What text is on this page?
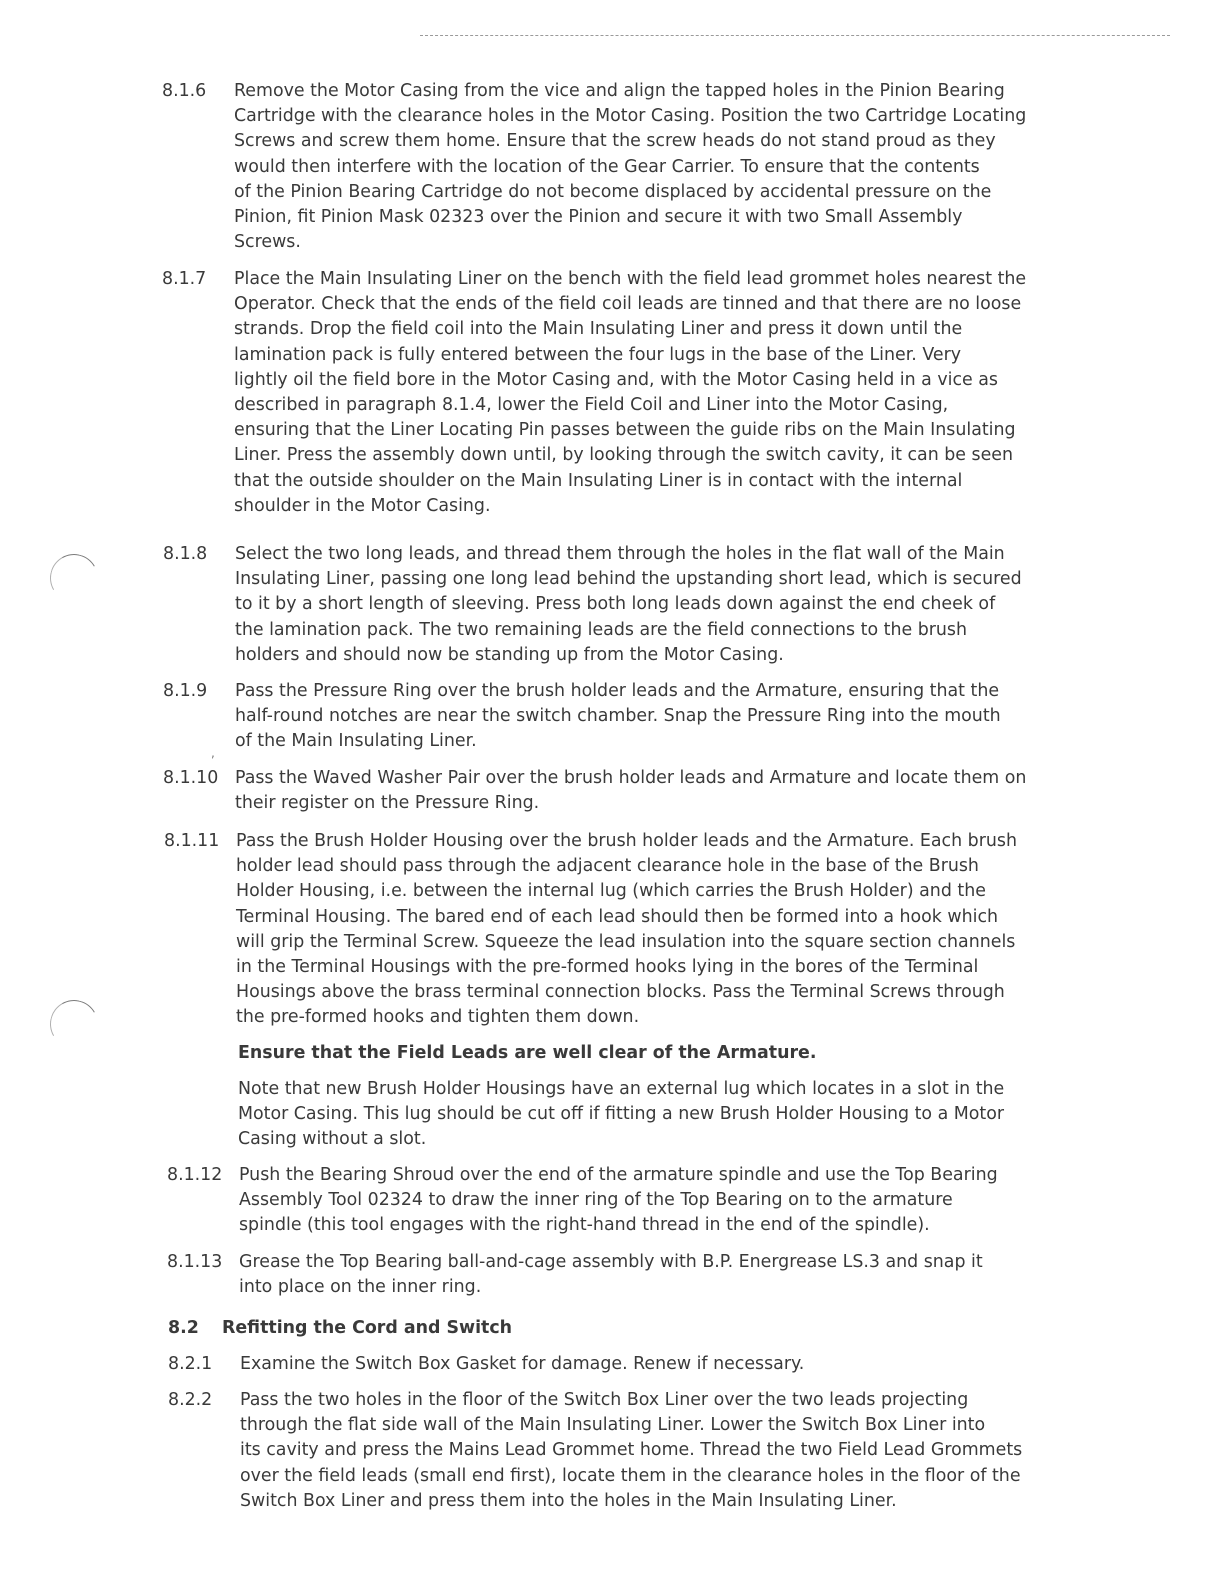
,
8.1.6	Remove the Motor Casing from the vice and align the tapped holes in the Pinion Bearing
Cartridge with the clearance holes in the Motor Casing. Position the two Cartridge Locating
Screws and screw them home. Ensure that the screw heads do not stand proud as they
would then interfere with the location of the Gear Carrier. To ensure that the contents
of the Pinion Bearing Cartridge do not become displaced by accidental pressure on the
Pinion, fit Pinion Mask 02323 over the Pinion and secure it with two Small Assembly
Screws.
8.1.7	Place the Main Insulating Liner on the bench with the field lead grommet holes nearest the
Operator. Check that the ends of the field coil leads are tinned and that there are no loose
strands. Drop the field coil into the Main Insulating Liner and press it down until the
lamination pack is fully entered between the four lugs in the base of the Liner. Very
lightly oil the field bore in the Motor Casing and, with the Motor Casing held in a vice as
described in paragraph 8.1.4, lower the Field Coil and Liner into the Motor Casing,
ensuring that the Liner Locating Pin passes between the guide ribs on the Main Insulating
Liner. Press the assembly down until, by looking through the switch cavity, it can be seen
that the outside shoulder on the Main Insulating Liner is in contact with the internal
shoulder in the Motor Casing.
8.1.8	Select the two long leads, and thread them through the holes in the flat wall of the Main
Insulating Liner, passing one long lead behind the upstanding short lead, which is secured
to it by a short length of sleeving. Press both long leads down against the end cheek of
the lamination pack. The two remaining leads are the field connections to the brush
holders and should now be standing up from the Motor Casing.
8.1.9	Pass the Pressure Ring over the brush holder leads and the Armature, ensuring that the
half-round notches are near the switch chamber. Snap the Pressure Ring into the mouth
of the Main Insulating Liner.
8.1.10 Pass the Waved Washer Pair over the brush holder leads and Armature and locate them on
their register on the Pressure Ring.
8.1.11 Pass the Brush Holder Housing over the brush holder leads and the Armature. Each brush
holder lead should pass through the adjacent clearance hole in the base of the Brush
Holder Housing, i.e. between the internal lug (which carries the Brush Holder) and the
Terminal Housing. The bared end of each lead should then be formed into a hook which
will grip the Terminal Screw. Squeeze the lead insulation into the square section channels
in the Terminal Housings with the pre-formed hooks lying in the bores of the Terminal
Housings above the brass terminal connection blocks. Pass the Terminal Screws through
the pre-formed hooks and tighten them down.
Ensure that the Field Leads are well clear of the Armature.
Note that new Brush Holder Housings have an external lug which locates in a slot in the
Motor Casing. This lug should be cut off if fitting a new Brush Holder Housing to a Motor
Casing without a slot.
8.1.12 Push the Bearing Shroud over the end of the armature spindle and use the Top Bearing
Assembly Tool 02324 to draw the inner ring of the Top Bearing on to the armature
spindle (this tool engages with the right-hand thread in the end of the spindle).
8.1.13 Grease the Top Bearing ball-and-cage assembly with B.P. Energrease LS.3 and snap it
into place on the inner ring.
8.2	Refitting the Cord and Switch
8.2.1	Examine the Switch Box Gasket for damage. Renew if necessary.
8.2.2	Pass the two holes in the floor of the Switch Box Liner over the two leads projecting
through the flat side wall of the Main Insulating Liner. Lower the Switch Box Liner into
its cavity and press the Mains Lead Grommet home. Thread the two Field Lead Grommets
over the field leads (small end first), locate them in the clearance holes in the floor of the
Switch Box Liner and press them into the holes in the Main Insulating Liner.
